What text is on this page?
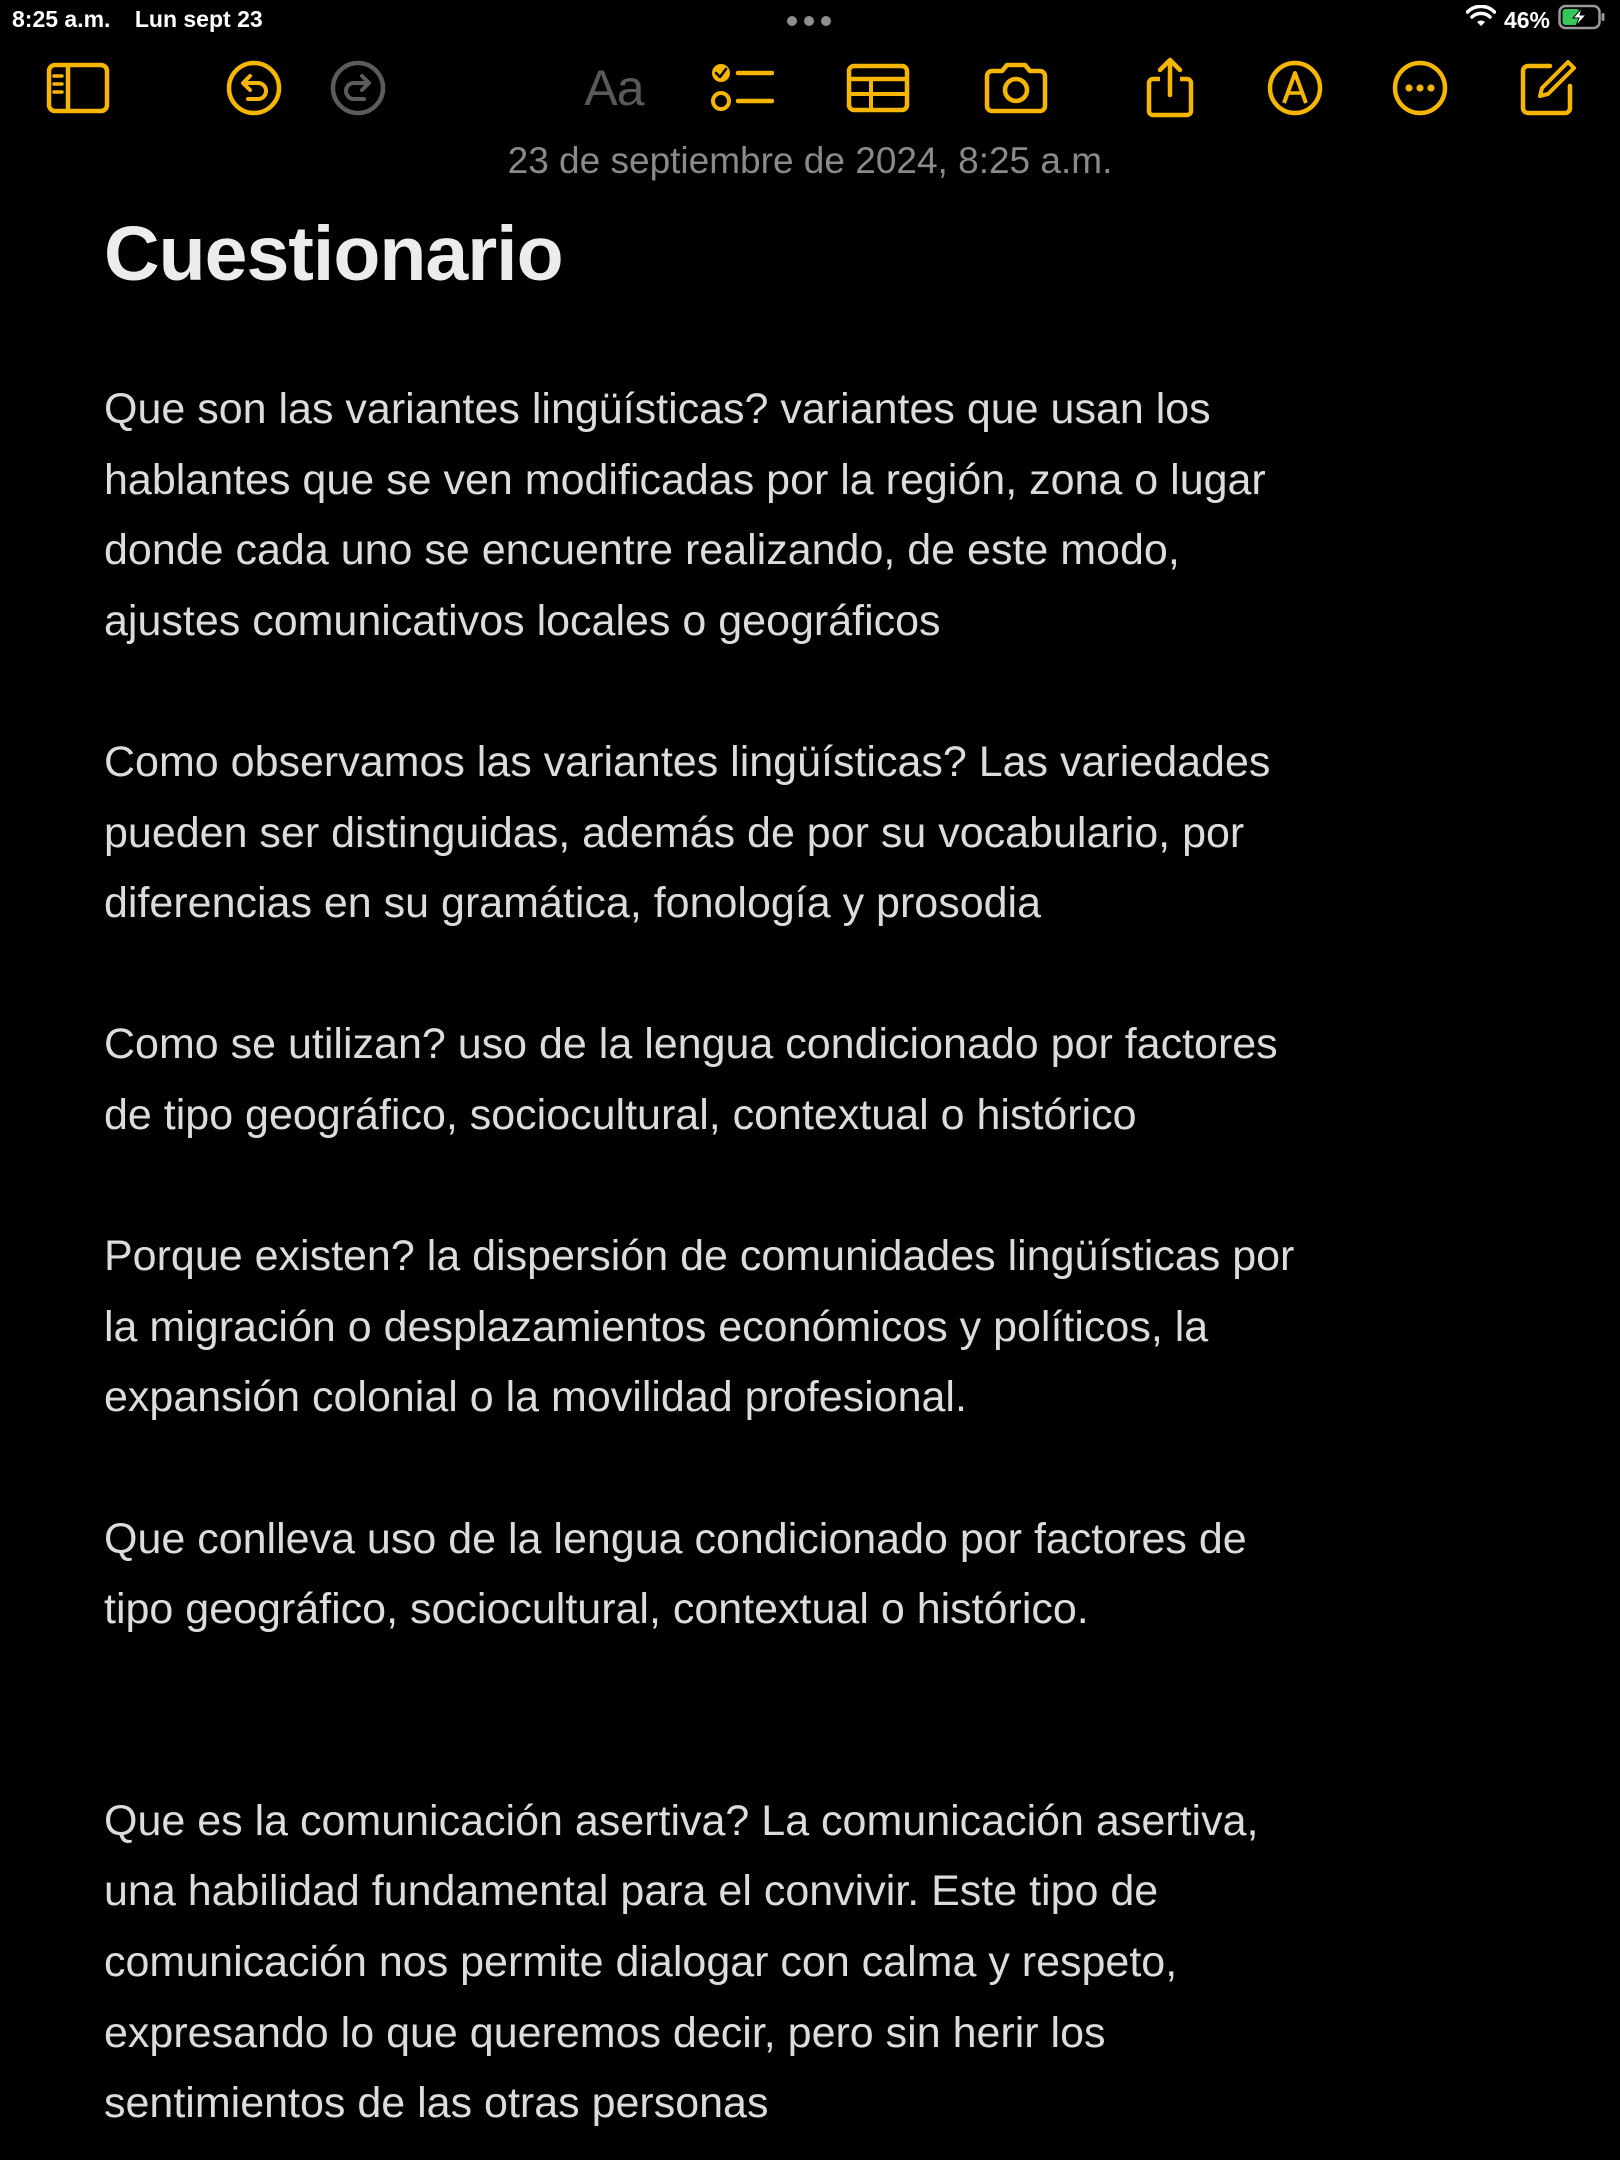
8:25 a.m. Lun sept 23	46%
Aa
23 de septiembre de 2024, 8:25 a.m.
Cuestionario

Que son las variantes lingüísticas? variantes que usan los
hablantes que se ven modificadas por la región, zona o lugar
donde cada uno se encuentre realizando, de este modo,
ajustes comunicativos locales o geográficos

Como observamos las variantes lingüísticas? Las variedades
pueden ser distinguidas, además de por su vocabulario, por
diferencias en su gramática, fonología y prosodia

Como se utilizan? uso de la lengua condicionado por factores
de tipo geográfico, sociocultural, contextual o histórico

Porque existen? la dispersión de comunidades lingüísticas por
la migración o desplazamientos económicos y políticos, la
expansión colonial o la movilidad profesional.

Que conlleva uso de la lengua condicionado por factores de
tipo geográfico, sociocultural, contextual o histórico.

Que es la comunicación asertiva? La comunicación asertiva,
una habilidad fundamental para el convivir. Este tipo de
comunicación nos permite dialogar con calma y respeto,
expresando lo que queremos decir, pero sin herir los
sentimientos de las otras personas
